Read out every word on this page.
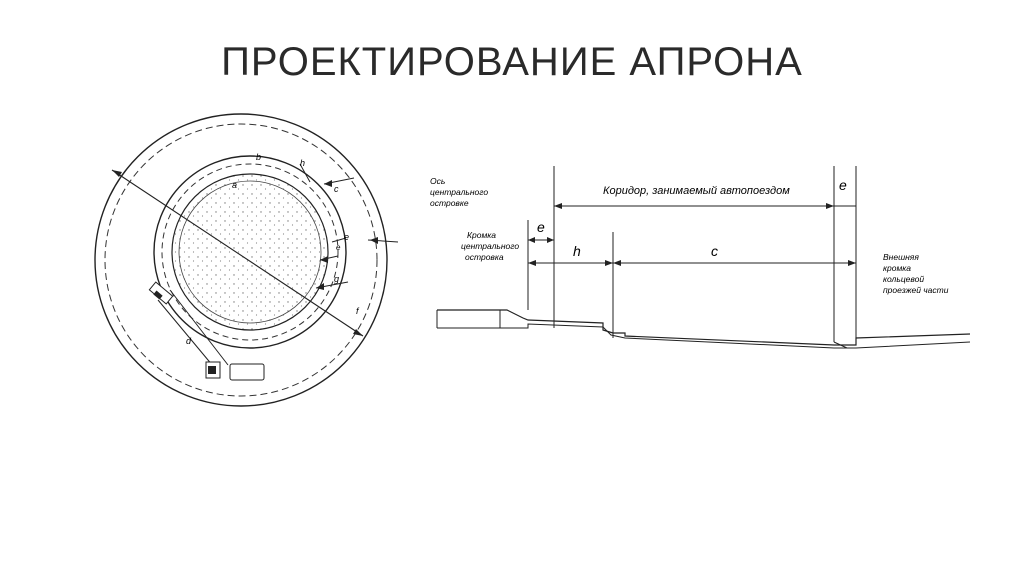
ПРОЕКТИРОВАНИЕ АПРОНА
a
b
h
c
e
e
g
f
d
Коридор, занимаемый автопоездом	e
e
h	c
Ось центрального островке
Кромка центрального островка	Внешняя кромка кольцевой проезжей части
